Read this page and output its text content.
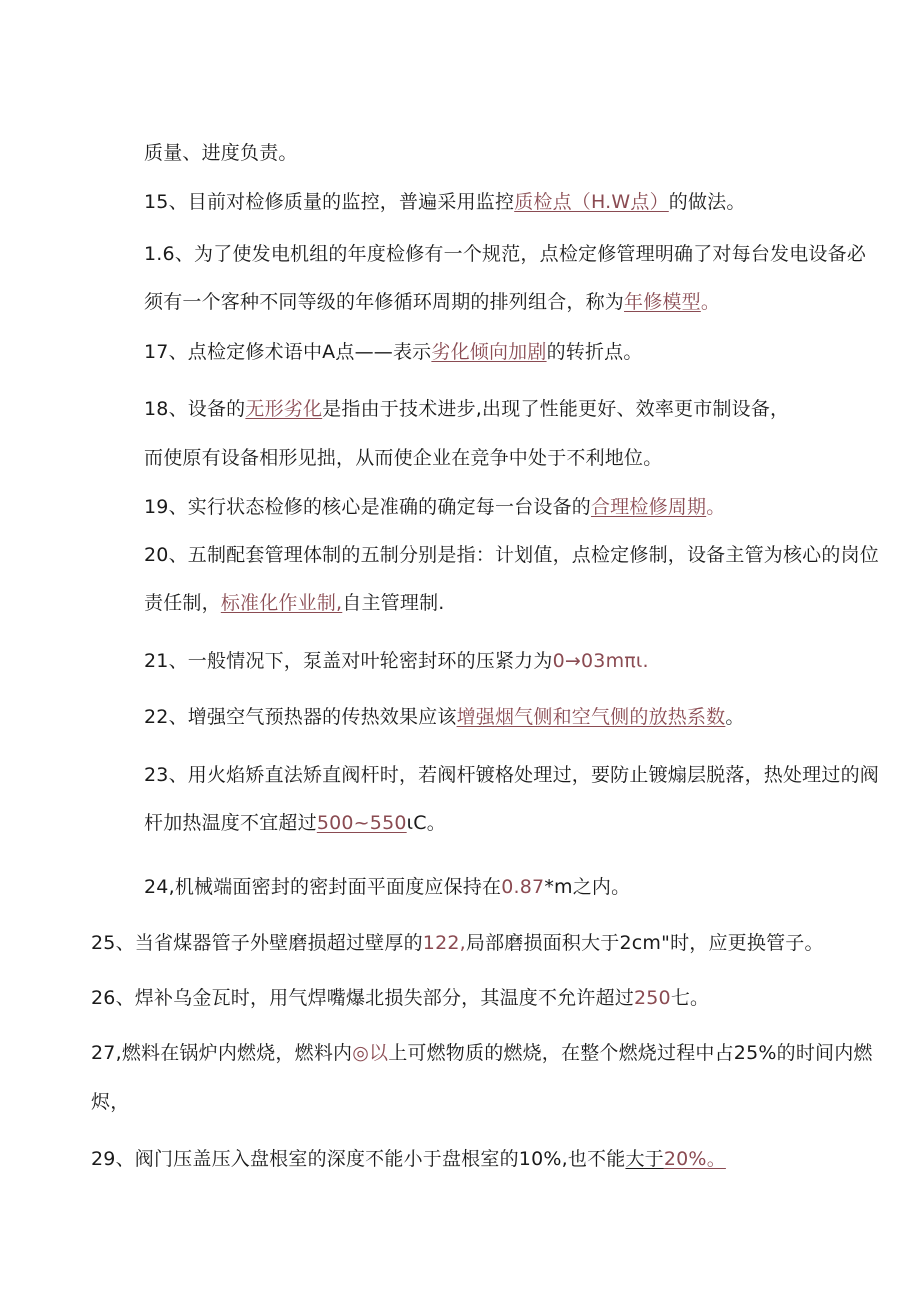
质量、进度负责。
15、目前对检修质量的监控，普遍采用监控质检点（H.W点）的做法。
1.6、为了使发电机组的年度检修有一个规范，点检定修管理明确了对每台发电设备必
须有一个客种不同等级的年修循环周期的排列组合，称为年修模型。
17、点检定修术语中A点——表示劣化倾向加剧的转折点。
18、设备的无形劣化是指由于技术进步,出现了性能更好、效率更市制设备，
而使原有设备相形见拙，从而使企业在竞争中处于不利地位。
19、实行状态检修的核心是准确的确定每一台设备的合理检修周期。
20、五制配套管理体制的五制分别是指：计划值，点检定修制，设备主管为核心的岗位
责任制，标准化作业制,自主管理制.
21、一般情况下，泵盖对叶轮密封环的压紧力为0→03mπι.
22、增强空气预热器的传热效果应该增强烟气侧和空气侧的放热系数。
23、用火焰矫直法矫直阀杆时，若阀杆镀格处理过，要防止镀煽层脱落，热处理过的阀
杆加热温度不宜超过500~550ιC。
24,机械端面密封的密封面平面度应保持在0.87*m之内。
25、当省煤器管子外壁磨损超过壁厚的122,局部磨损面积大于2cm"时，应更换管子。
26、焊补乌金瓦时，用气焊嘴爆北损失部分，其温度不允许超过250七。
27,燃料在锅炉内燃烧，燃料内◎以上可燃物质的燃烧，在整个燃烧过程中占25%的时间内燃
烬，
29、阀门压盖压入盘根室的深度不能小于盘根室的10%,也不能大于20%。
